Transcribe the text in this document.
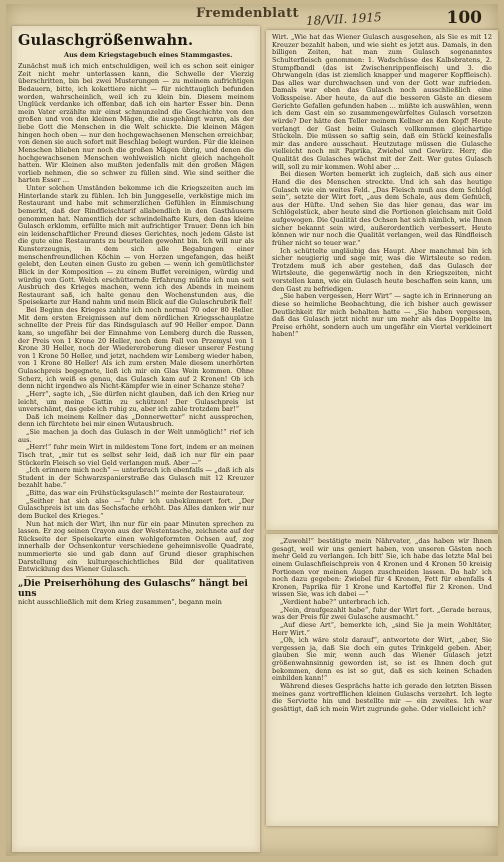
Fremdenblatt 18/VII. 1915	100
Gulaschgrößenwahn.
Aus dem Kriegstagebuch eines Stammgastes.

Zunächst muß ich mich entschuldigen, weil ich es schon seit einiger Zeit nicht mehr unterlassen kann, die Schwelle der Vierzig überschritten, bin bei zwei Musterungen — zu meinem aufrichtigen Bedauern, bitte, ich kokettiere nicht — für nichttauglich befunden worden, wahrscheinlich, weil ich zu klein bin. Diesem meinem Unglück verdanke ich offenbar, daß ich ein harter Esser bin. Denn mein Vater erzählte mir einst schmunzelnd die Geschichte von den großen und von den kleinen Mägen, die ausgehängt waren, als der liebe Gott die Menschen in die Welt schickte. Die kleinen Mägen hingen hoch oben — nur den hochgewachsenen Menschen erreichbar, von denen sie auch sofort mit Beschlag belegt wurden. Für die kleinen Menschen blieben nur noch die großen Mägen übrig, und denen die hochgewachsenen Menschen wohlweislich nicht gleich nachgeholt hatten. Wir Kleinen also mußten jedenfalls mit den großen Mägen vorlieb nehmen, die so schwer zu füllen sind. Wie sind seither die harten Esser …

Unter solchen Umständen bekomme ich die Kriegszeiten auch im Hinterlande stark zu fühlen. Ich bin Junggeselle, verköstige mich im Restaurant und habe mit schmerzlichen Gefühlen in Einmischung bemerkt, daß der Rindfleischtarif allabendlich in den Gasthäusern genommen hat. Namentlich der schwindelhafte Kurs, den das kleine Gulasch erklomm, erfüllte mich mit aufrichtiger Trauer. Denn ich bin ein leidenschaftlicher Freund dieses Gerichtes, noch jedem Gäste ist die gute eine Restaurants zu beurteilen gewohnt bin. Ich will nur als Kunsterzeugnis, in dem sich alle Begabungen einer menschenfreundlichen Köchin — von Herzen ungefangen, das heißt gelebt, den Leuten einen Gusto zu geben — wenn ich gemütlichster Blick in der Komposition — zu einem Buffet vereinigen, würdig und würdig von Gott. Welch erschütternde Erfahrung müßte ich nun seit Ausbruch des Krieges machen, wenn ich des Abends in meinem Restaurant saß, ich halte genau den Wochenstunden aus, die Speisekarte zur Hand nahm und mein Blick auf die Gulaschrubrik fiel!

Bei Beginn des Krieges zahlte ich noch normal 70 oder 80 Heller. Mit dem ersten Ereignissen auf dem nördlichen Kriegsschauplatze schnellte der Preis für das Rindsgulasch auf 90 Heller empor. Dann kam, so ungefähr bei der Einnahme von Lemberg durch die Russen, der Preis von 1 Krone 20 Heller, noch dem Fall von Przemysl von 1 Krone 30 Heller, noch der Wiedereroberung dieser unserer Festung von 1 Krone 50 Heller, und jetzt, nachdem wir Lemberg wieder haben, von 1 Krone 80 Heller! Als ich zum ersten Male diesem unerhörten Gulaschpreis begegnete, ließ ich mir ein Glas Wein kommen. Ohne Scherz, ich weiß es genau, das Gulasch kam auf 2 Kronen! Ob ich denn nicht irgendwo als Nicht-Kämpfer wie in einer Schanze stehe?

„Herr“, sagte ich, „Sie dürfen nicht glauben, daß ich den Krieg nur leicht, um meine Gattin zu schützen! Der Gulaschpreis ist unverschämt, das gebe ich ruhig zu, aber ich zahle trotzdem bar!“

Daß ich meinem Kellner das „Donnerwetter“ nicht aussprechen, denn ich fürchtete bei mir einen Wutausbruch.

„Sie machen ja doch das Gulasch in der Welt unmöglich!“ rief ich aus.

„Herr!“ fuhr mein Wirt in mildestem Tone fort, indem er an meinen Tisch trat, „mir tut es selbst sehr leid, daß ich nur für ein paar Stückerln Fleisch so viel Geld verlangen muß. Aber —“

„Ich erinnere mich noch“ — unterbrach ich ebenfalls — „daß ich als Student in der Schwarzspanierstraße das Gulasch mit 12 Kreuzer bezahlt habe.“

„Bitte, das war ein Frühstücksgulasch!“ meinte der Restaurateur.

„Seither hat sich also —“ fuhr ich unbekümmert fort. „Der Gulaschpreis ist um das Sechsfache erhöht. Das Alles danken wir nur dem Buckel des Krieges.“

Nun hat mich der Wirt, ihn nur für ein paar Minuten sprechen zu lassen. Er zog seinen Crayon aus der Westentasche, zeichnete auf der Rückseite der Speisekarte einen wohlgeformten Ochsen auf, zog innerhalb der Ochsenkontur verschiedene geheimnisvolle Quadrate, nummerierte sie und gab dann auf Grund dieser graphischen Darstellung ein kulturgeschichtliches Bild der qualitativen Entwicklung des Wiener Gulasch.

„Die Preiserhöhung des Gulaschs“ hängt bei uns
nicht ausschließlich mit dem Krieg zusammen“, begann mein

Wirt. „Wie hat das Wiener Gulasch ausgesehen, als Sie es mit 12 Kreuzer bezahlt haben, und wie sieht es jetzt aus. Damals, in den billigen Zeiten, hat man zum Gulasch sogenanntes Schulterfleisch genommen: 1. Wadschüsse des Kalbsbratens, 2. Stumpfbandl (das ist Zwischenrippenfleisch) und 3. die Ohrwangeln (das ist ziemlich knapper und magerer Kopffleisch). Das alles war durchwachsen und von der Gott war zufrieden. Damals war eben das Gulasch noch ausschließlich eine Volksspeise. Aber heute, da auf die besseren Gäste an diesem Gerichte Gefallen gefunden haben … müßte ich auswählen, wenn ich dem Gast ein so zusammengewürfeltes Gulasch vorsetzen würde? Der hätte den Teller meinem Kellner an den Kopf! Heute verlangt der Gast beim Gulasch vollkommen gleichartige Stückeln. Die müssen so saftig sein, daß ein Stückl keinesfalls mir das andere ausschaut. Heutzutage müssen die Gulasche vielleicht noch mit Paprika, Zwiebel und Gewürz. Herr, die Qualität des Gulasches wächst mit der Zeit. Wer gutes Gulasch will, soll zu mir kommen. Wohl aber …

Bei diesen Worten bemerkt ich zugleich, daß sich aus einer Hand die des Menschen streckte. Und ich sah das heutige Gulasch wie ein weites Feld. „Das Fleisch muß aus dem Schlögl sein“, setzte der Wirt fort, „aus dem Schale, aus dem Gefnüch, aus der Hüfte. Und sehen Sie das hier genau, das war im Schlögelstück, aber heute sind die Portionen gleichsam mit Gold aufgewogen. Die Qualität des Ochsen hat sich nämlich, wie Ihnen sicher bekannt sein wird, außerordentlich verbessert. Heute können wir nur noch die Qualität verlangen, weil das Rindfleisch früher nicht so teuer war.“

Ich schüttelte ungläubig das Haupt. Aber manchmal bin ich sicher neugierig und sage mir, was die Wirtsleute so reden. Trotzdem muß ich aber gestehen, daß das Gulasch der Wirtsleute, die gegenwärtig noch in den Kriegszeiten, nicht vorstellen kann, wie ein Gulasch heute beschaffen sein kann, um den Gast zu befriedigen.

„Sie haben vergessen, Herr Wirt“ — sagte ich in Erinnerung an diese so heimliche Beobachtung, die ich bisher auch gewisser Deutlichkeit für mich behalten hatte — „Sie haben vergessen, daß das Gulasch jetzt nicht nur um mehr als das Doppelte im Preise erhöht, sondern auch um ungefähr ein Viertel verkleinert haben!“

„Zuwohl!“ bestätigte mein Nährvater, „das haben wir Ihnen gesagt, weil wir uns geniert haben, von unseren Gästen noch mehr Geld zu verlangen. Ich bitt' Sie, ich habe das letzte Mal bei einem Gulaschfleischpreis von 4 Kronen und 4 Kronen 50 kreisig Portionen vor meinen Augen zuschneiden lassen. Da hab' ich noch dazu gegeben: Zwiebel für 4 Kronen, Fett für ebenfalls 4 Kronen, Paprika für 1 Krone und Kartoffel für 2 Kronen. Und wissen Sie, was ich dabei —“

„Verdient habe?“ unterbrach ich.

„Nein, draufgezahlt habe“, fuhr der Wirt fort. „Gerade heraus, was der Preis für zwei Gulasche ausmacht.“

„Auf diese Art“, bemerkte ich, „sind Sie ja mein Wohltäter, Herr Wirt.“

„Oh, ich wäre stolz darauf“, antwortete der Wirt, „aber, Sie vergessen ja, daß Sie doch ein gutes Trinkgeld geben. Aber, glauben Sie mir, wenn auch das Wiener Gulasch jetzt größenwahnsinnig geworden ist, so ist es Ihnen doch gut bekommen, denn es ist so gut, daß es sich keinen Schaden einbilden kann!“

Während dieses Gesprächs hatte ich gerade den letzten Bissen meines ganz vortrefflichen kleinen Gulaschs verzehrt. Ich legte die Serviette hin und bestellte mir — ein zweites. Ich war gesättigt, daß ich mein Wirt zugrunde gehe. Oder vielleicht ich?
